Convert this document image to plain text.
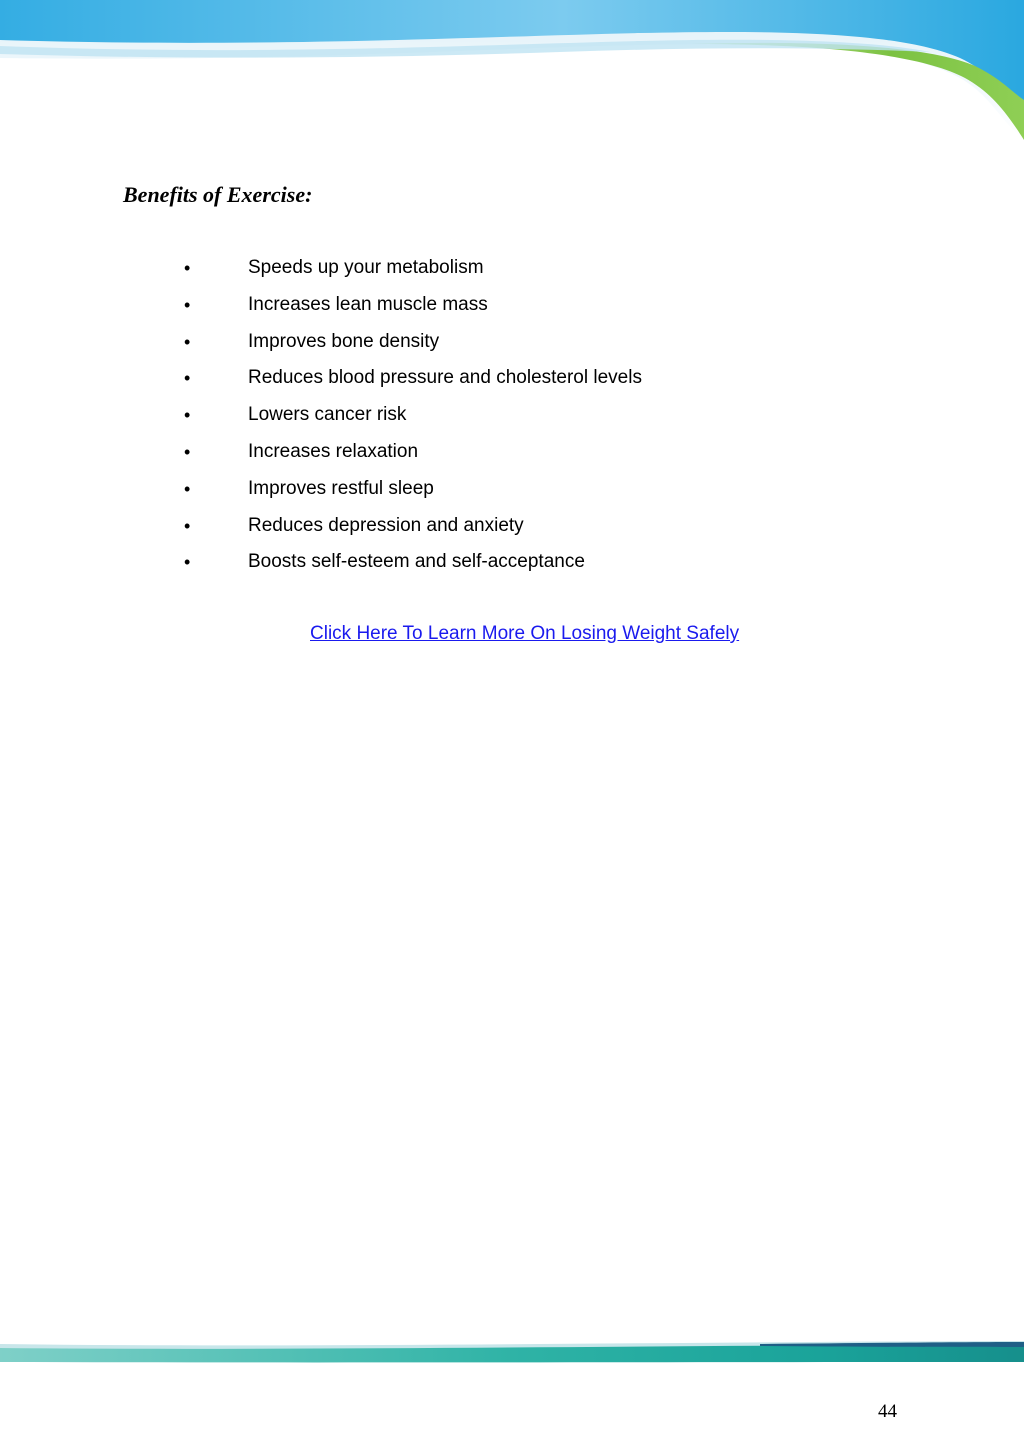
Benefits of Exercise:
•	Speeds up your metabolism
•	Increases lean muscle mass
•	Improves bone density
•	Reduces blood pressure and cholesterol levels
•	Lowers cancer risk
•	Increases relaxation
•	Improves restful sleep
•	Reduces depression and anxiety
•	Boosts self-esteem and self-acceptance
Click Here To Learn More On Losing Weight Safely
44
